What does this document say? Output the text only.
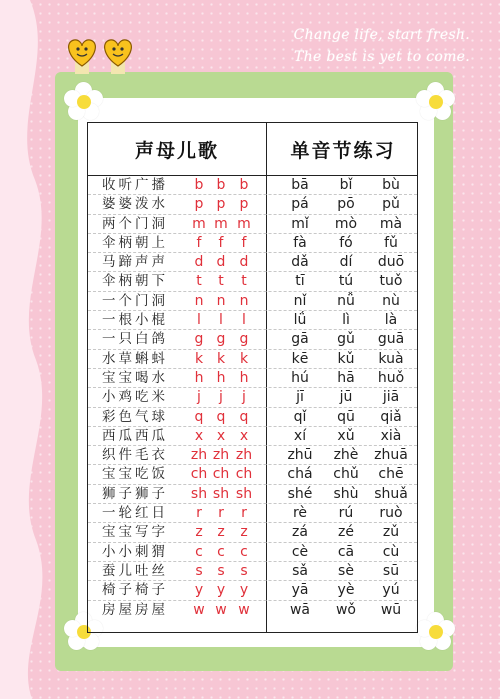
Change life, start fresh.
The best is yet to come.
声母儿歌	单音节练习
收听广播	b b	b	bā	bǐ	bù
婆婆泼水	p p	p	pá	pō	pǔ
两个门洞	m m m	mǐ	mò	mà
伞柄朝上	f	f	f	fà	fó	fǔ
马蹄声声	d d	d	dǎ	dí	duō
伞柄朝下	t	t	t	tī	tú	tuǒ
一个门洞	n n	n	nǐ	nǚ	nù
一根小棍	l	l	l	lǘ	lì	là
一只白鸽	g g	g	gā	gǔ	guā
水草蝌蚪	k k	k	kē	kǔ	kuà
宝宝喝水	h h	h	hú	hā	huǒ
小鸡吃米	j	j	j	jī	jū	jiā
彩色气球	q q	q	qǐ	qū	qiǎ
西瓜西瓜	x x	x	xí	xǔ	xià
织件毛衣	zh zh zh	zhū	zhè	zhuā
宝宝吃饭	ch ch ch	chá	chǔ	chē
狮子狮子	sh sh sh	shé	shù	shuǎ
一轮红日	r	r	r	rè	rú	ruò
宝宝写字	z	z	z	zá	zé	zǔ
小小刺猬	c	c	c	cè	cā	cù
蚕儿吐丝	s	s	s	sǎ	sè	sū
椅子椅子	y y	y	yā	yè	yú
房屋房屋	w w w	wā	wǒ	wū
